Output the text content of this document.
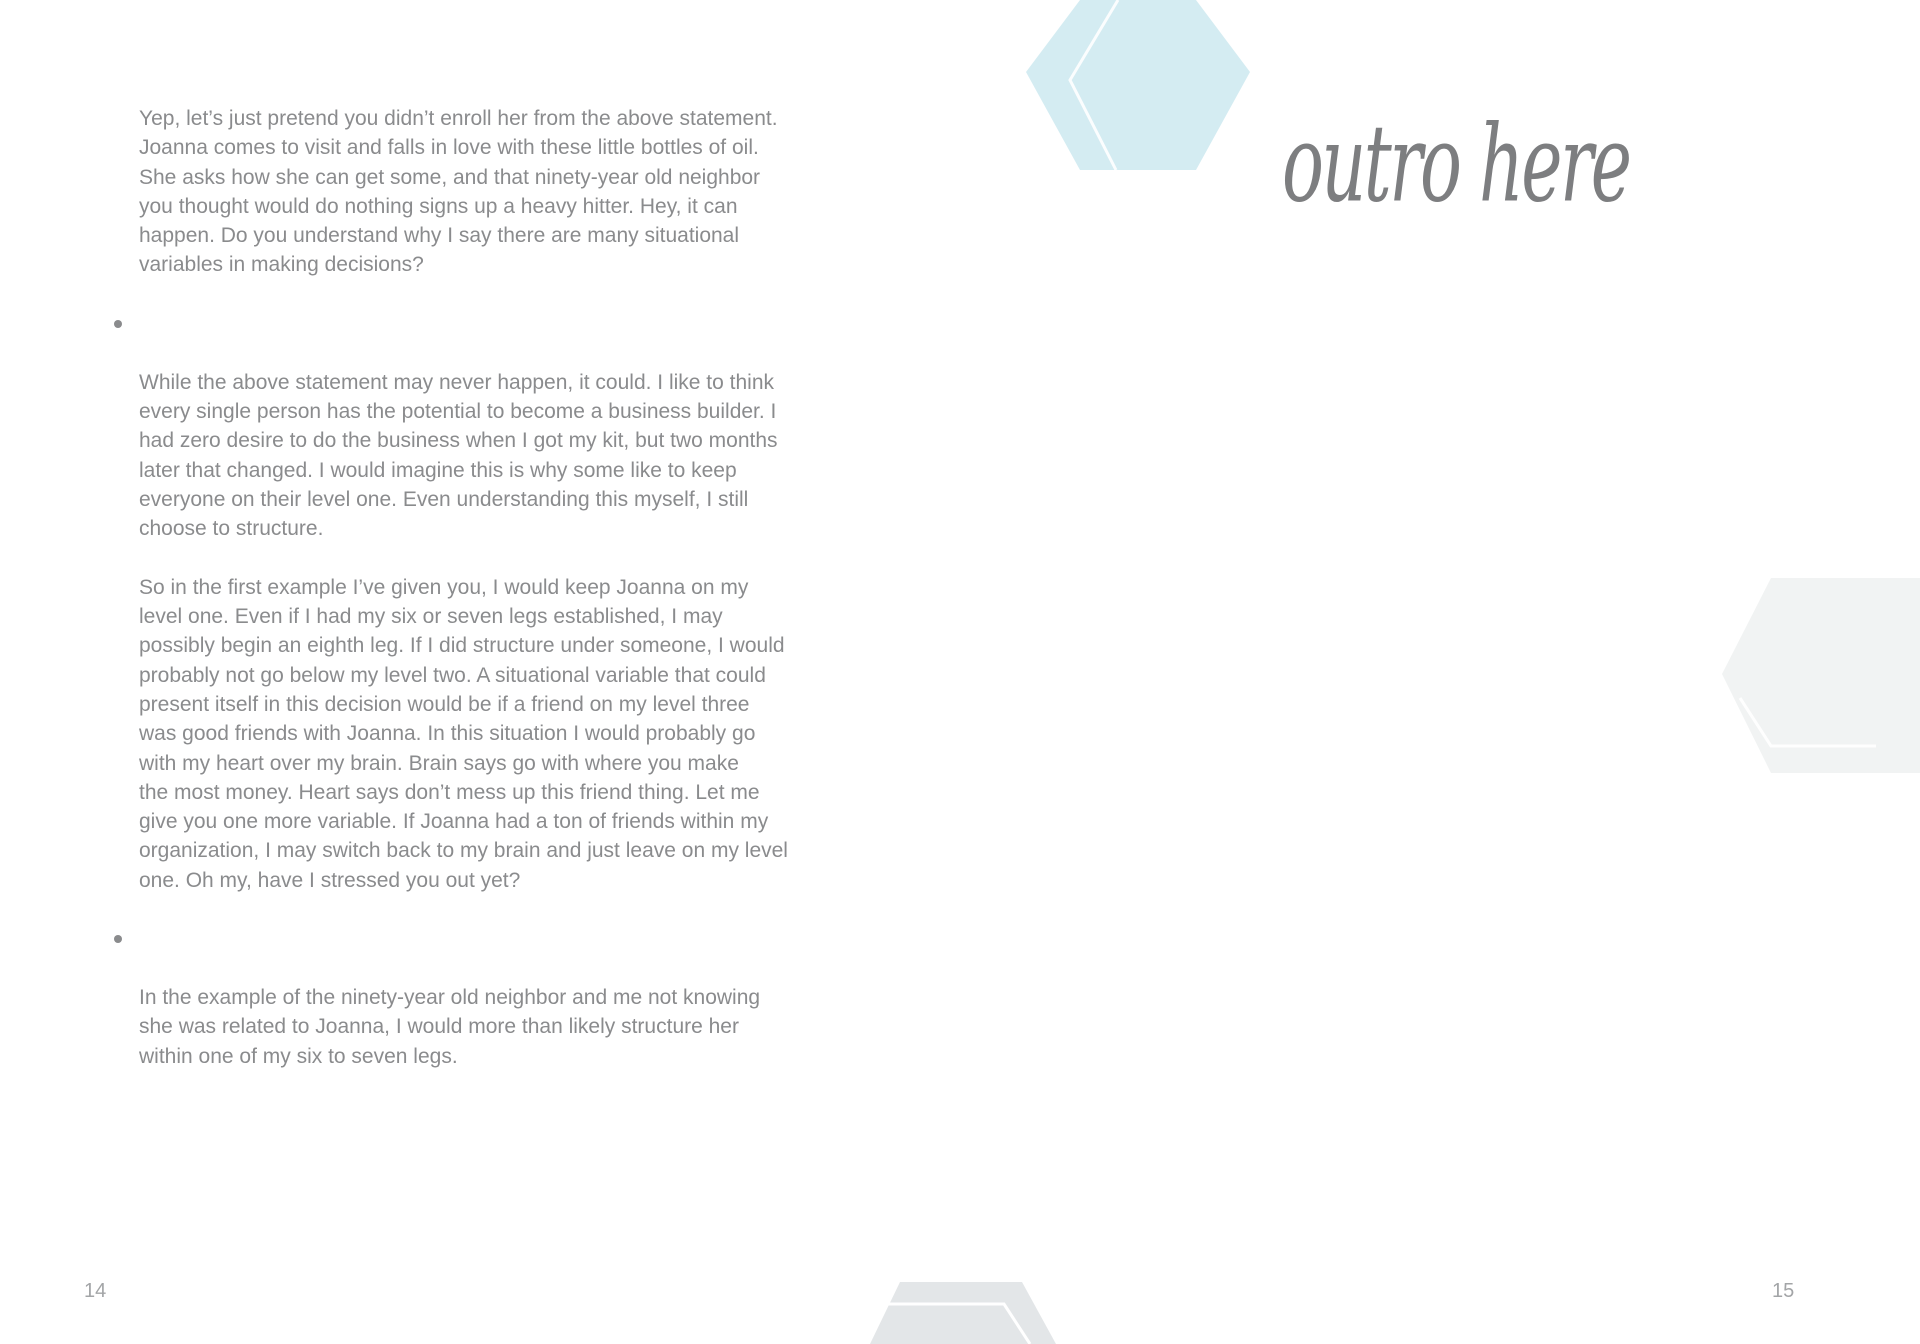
Yep, let’s just pretend you didn’t enroll her from the above statement.
Joanna comes to visit and falls in love with these little bottles of oil.
She asks how she can get some, and that ninety-year old neighbor
you thought would do nothing signs up a heavy hitter. Hey, it can
happen. Do you understand why I say there are many situational
variables in making decisions?

While the above statement may never happen, it could. I like to think
every single person has the potential to become a business builder. I
had zero desire to do the business when I got my kit, but two months
later that changed. I would imagine this is why some like to keep
everyone on their level one. Even understanding this myself, I still
choose to structure.

So in the first example I’ve given you, I would keep Joanna on my
level one. Even if I had my six or seven legs established, I may
possibly begin an eighth leg. If I did structure under someone, I would
probably not go below my level two. A situational variable that could
present itself in this decision would be if a friend on my level three
was good friends with Joanna. In this situation I would probably go
with my heart over my brain. Brain says go with where you make
the most money. Heart says don’t mess up this friend thing. Let me
give you one more variable. If Joanna had a ton of friends within my
organization, I may switch back to my brain and just leave on my level
one. Oh my, have I stressed you out yet?

In the example of the ninety-year old neighbor and me not knowing
she was related to Joanna, I would more than likely structure her
within one of my six to seven legs.

14	15
outro here
